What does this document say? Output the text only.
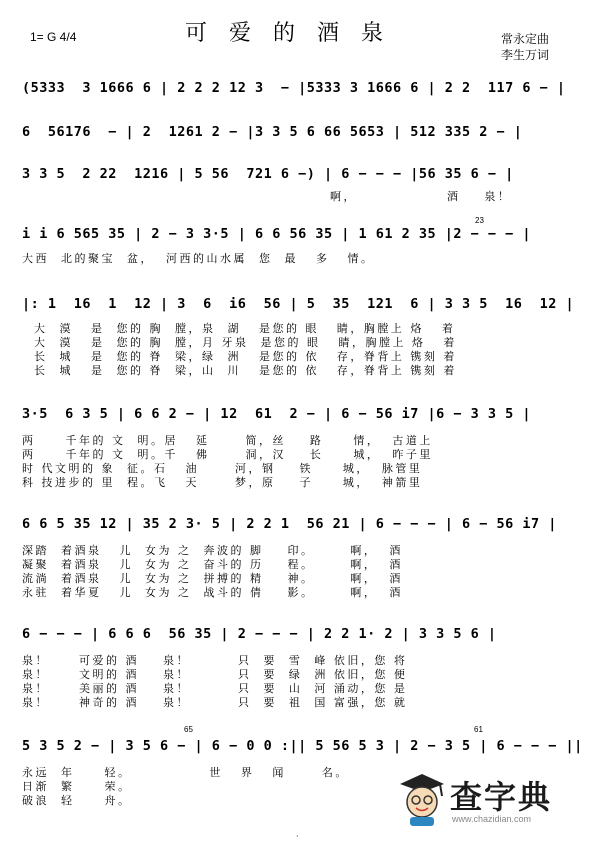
1= G 4/4	可爱的酒泉	常永定曲
李生万词
(5333  3 1666 6 | 2 2 2 12 3  − |5333 3 1666 6 | 2 2  117 6 − |
6  56176  − | 2  1261 2 − |3 3 5 6 66 5653 | 512 335 2 − |
3 3 5  2 22  1216 | 5 56  721 6 −) | 6 − − − |56 35 6 − |
啊，               酒    泉！
i i 6 565 35 | 2 − 3 3·5 | 6 6 56 35 | 1 61 2 35 |2 − − − |
23
大西  北的聚宝  盆，  河西的山水属  您  最   多   情。
|: 1  16  1  12 | 3  6  i6  56 | 5  35  121  6 | 3 3 5  16  12 |
大  漠   是  您的 胸  膛，泉  湖   是您的 眼   睛，胸膛上 烙   着
大  漠   是  您的 胸  膛，月 牙泉  是您的 眼   睛，胸膛上 烙   着
长  城   是  您的 脊  梁，绿  洲   是您的 依   存，脊背上 镌刻 着
长  城   是  您的 脊  梁，山  川   是您的 依   存，脊背上 镌刻 着
3·5  6 3 5 | 6 6 2 − | 12  61  2 − | 6 − 56 i7 |6 − 3 3 5 |
两     千年的 文  明。居   延      简，丝    路     情，  古道上
两     千年的 文  明。千   佛      洞，汉    长     城，  昨子里
时 代文明的 象  征。石   油      河，钢    铁     城，  脉管里
科 技进步的 里  程。飞   天      梦，原    子     城，  神箭里
6 6 5 35 12 | 35 2 3· 5 | 2 2 1  56 21 | 6 − − − | 6 − 56 i7 |
深踏  着酒泉   儿  女为 之  奔波的 脚    印。      啊，  酒
凝聚  着酒泉   儿  女为 之  奋斗的 历    程。      啊，  酒
流淌  着酒泉   儿  女为 之  拼搏的 精    神。      啊，  酒
永驻  着华夏   儿  女为 之  战斗的 倩    影。      啊，  酒
6 − − − | 6 6 6  56 35 | 2 − − − | 2 2 1· 2 | 3 3 5 6 |
泉！     可爱的 酒    泉！        只  要  雪  峰 依旧，您 将
泉！     文明的 酒    泉！        只  要  绿  洲 依旧，您 便
泉！     美丽的 酒    泉！        只  要  山  河 涌动，您 是
泉！     神奇的 酒    泉！        只  要  祖  国 富强，您 就
5 3 5 2 − | 3 5 6 − | 6 − 0 0 :|| 5 56 5 3 | 2 − 3 5 | 6 − − − ||
65	61
永远  年     轻。             世   界   闻      名。
日渐  繁     荣。
破浪  轻     舟。

	查字典

www.chazidian.com

·
